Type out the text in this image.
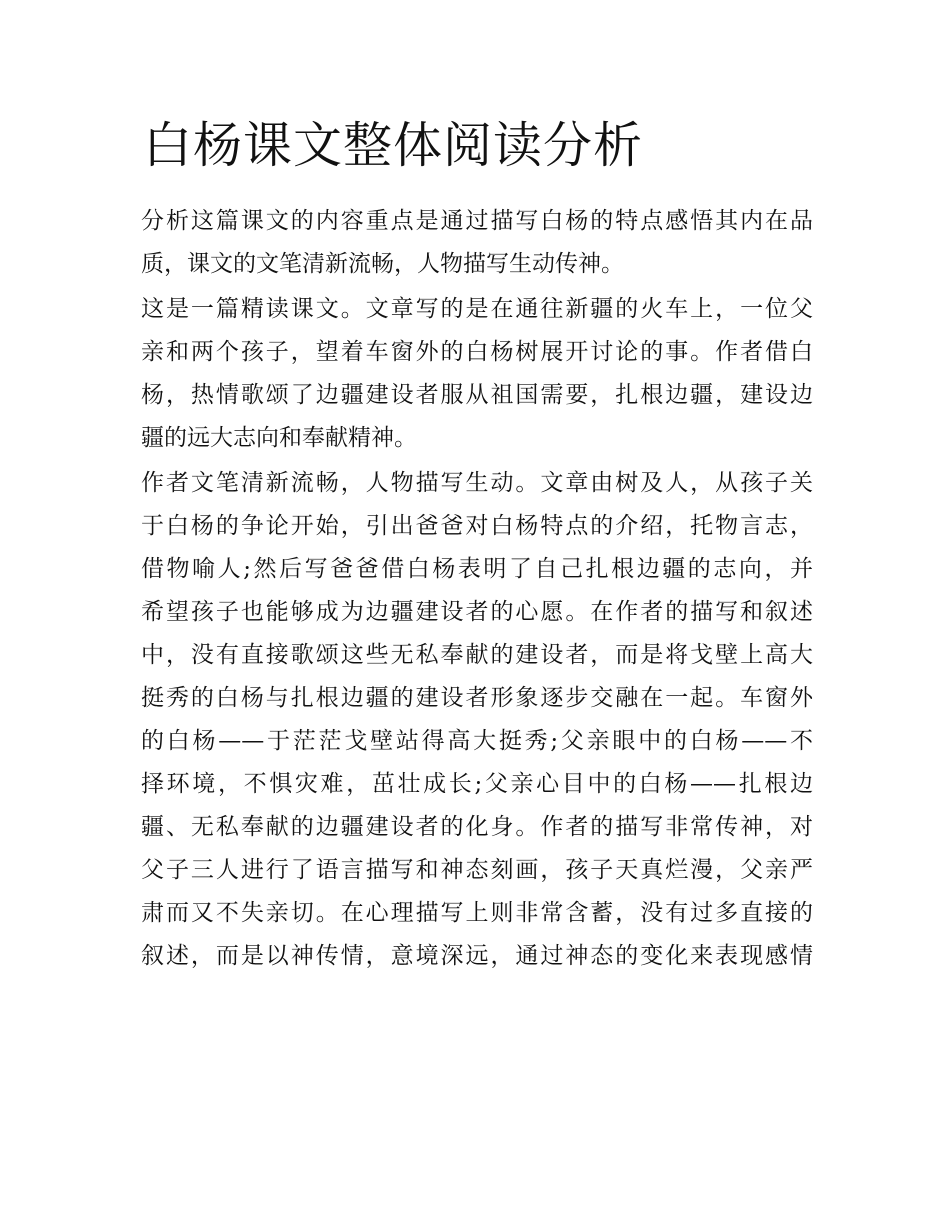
白杨课文整体阅读分析
分析这篇课文的内容重点是通过描写白杨的特点感悟其内在品
质，课文的文笔清新流畅，人物描写生动传神。
这是一篇精读课文。文章写的是在通往新疆的火车上，一位父
亲和两个孩子，望着车窗外的白杨树展开讨论的事。作者借白
杨，热情歌颂了边疆建设者服从祖国需要，扎根边疆，建设边
疆的远大志向和奉献精神。
作者文笔清新流畅，人物描写生动。文章由树及人，从孩子关
于白杨的争论开始，引出爸爸对白杨特点的介绍，托物言志，
借物喻人;然后写爸爸借白杨表明了自己扎根边疆的志向，并
希望孩子也能够成为边疆建设者的心愿。在作者的描写和叙述
中，没有直接歌颂这些无私奉献的建设者，而是将戈壁上高大
挺秀的白杨与扎根边疆的建设者形象逐步交融在一起。车窗外
的白杨——于茫茫戈壁站得高大挺秀;父亲眼中的白杨——不
择环境，不惧灾难，茁壮成长;父亲心目中的白杨——扎根边
疆、无私奉献的边疆建设者的化身。作者的描写非常传神，对
父子三人进行了语言描写和神态刻画，孩子天真烂漫，父亲严
肃而又不失亲切。在心理描写上则非常含蓄，没有过多直接的
叙述，而是以神传情，意境深远，通过神态的变化来表现感情
